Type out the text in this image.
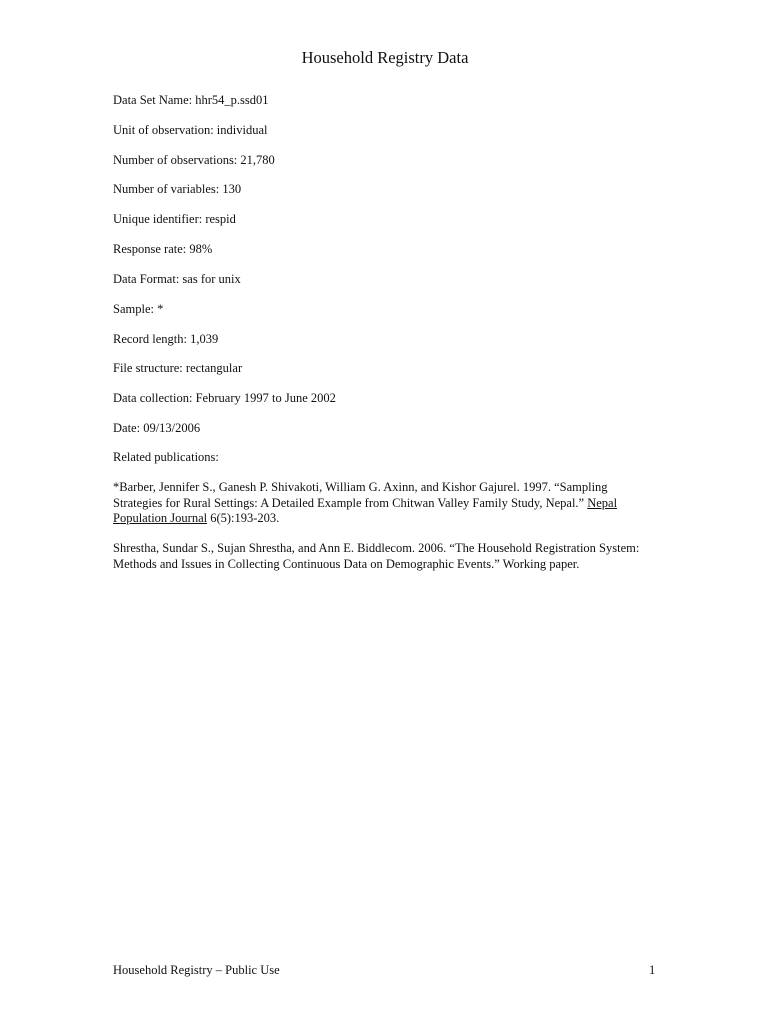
Household Registry Data
Data Set Name: hhr54_p.ssd01
Unit of observation: individual
Number of observations: 21,780
Number of variables: 130
Unique identifier: respid
Response rate: 98%
Data Format: sas for unix
Sample: *
Record length: 1,039
File structure: rectangular
Data collection: February 1997 to June 2002
Date: 09/13/2006
Related publications:
*Barber, Jennifer S., Ganesh P. Shivakoti, William G. Axinn, and Kishor Gajurel. 1997. “Sampling
Strategies for Rural Settings: A Detailed Example from Chitwan Valley Family Study, Nepal.” Nepal
Population Journal 6(5):193-203.
Shrestha, Sundar S., Sujan Shrestha, and Ann E. Biddlecom. 2006. “The Household Registration System:
Methods and Issues in Collecting Continuous Data on Demographic Events.” Working paper.
Household Registry – Public Use	1
